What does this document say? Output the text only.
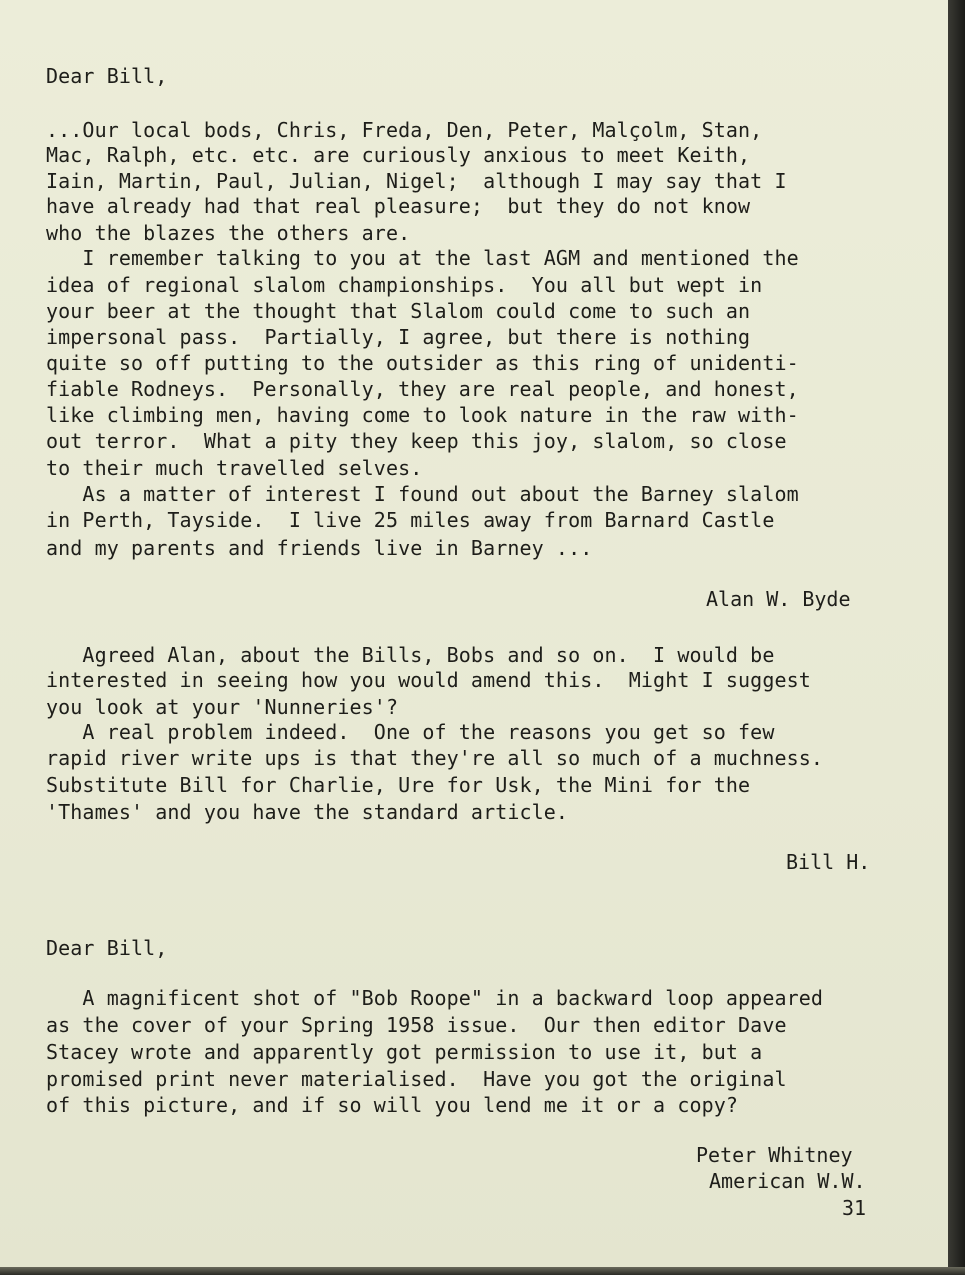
Dear Bill,
...Our local bods, Chris, Freda, Den, Peter, Malçolm, Stan,
Mac, Ralph, etc. etc. are curiously anxious to meet Keith,
Iain, Martin, Paul, Julian, Nigel;  although I may say that I
have already had that real pleasure;  but they do not know
who the blazes the others are.
I remember talking to you at the last AGM and mentioned the
idea of regional slalom championships.  You all but wept in
your beer at the thought that Slalom could come to such an
impersonal pass.  Partially, I agree, but there is nothing
quite so off putting to the outsider as this ring of unidenti-
fiable Rodneys.  Personally, they are real people, and honest,
like climbing men, having come to look nature in the raw with-
out terror.  What a pity they keep this joy, slalom, so close
to their much travelled selves.
As a matter of interest I found out about the Barney slalom
in Perth, Tayside.  I live 25 miles away from Barnard Castle
and my parents and friends live in Barney ...
Alan W. Byde
Agreed Alan, about the Bills, Bobs and so on.  I would be
interested in seeing how you would amend this.  Might I suggest
you look at your 'Nunneries'?
A real problem indeed.  One of the reasons you get so few
rapid river write ups is that they're all so much of a muchness.
Substitute Bill for Charlie, Ure for Usk, the Mini for the
'Thames' and you have the standard article.
Bill H.
Dear Bill,
A magnificent shot of "Bob Roope" in a backward loop appeared
as the cover of your Spring 1958 issue.  Our then editor Dave
Stacey wrote and apparently got permission to use it, but a
promised print never materialised.  Have you got the original
of this picture, and if so will you lend me it or a copy?
Peter Whitney
American W.W.
31
